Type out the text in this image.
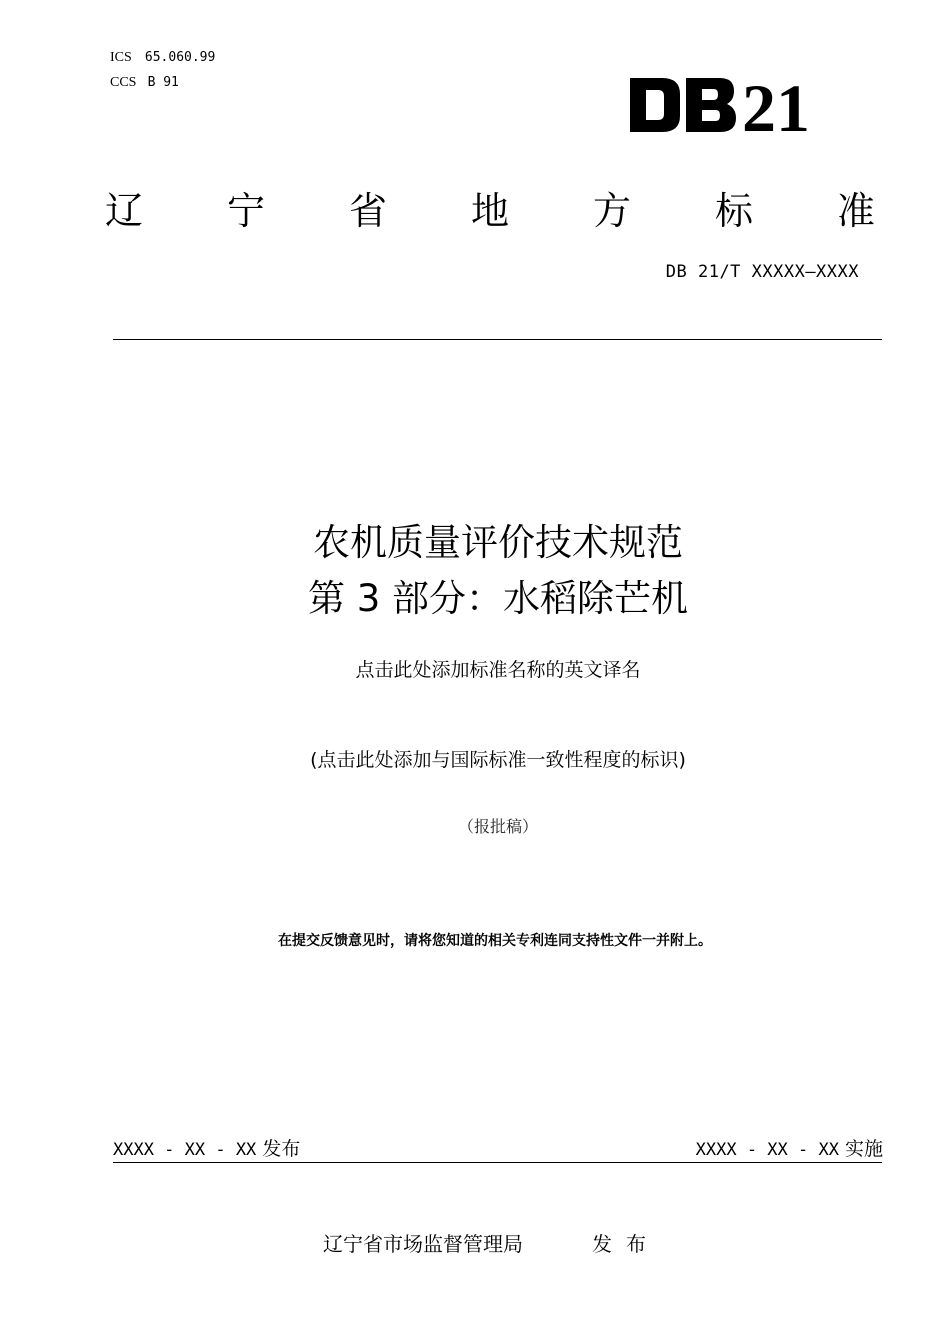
ICS 65.060.99
CCS B 91	21
辽 宁 省 地 方 标 准
DB 21/T XXXXX—XXXX
农机质量评价技术规范
第 3 部分：水稻除芒机
点击此处添加标准名称的英文译名
(点击此处添加与国际标准一致性程度的标识)
（报批稿）
在提交反馈意见时，请将您知道的相关专利连同支持性文件一并附上。
XXXX - XX - XX 发布	XXXX - XX - XX 实施
辽宁省市场监督管理局	发布
